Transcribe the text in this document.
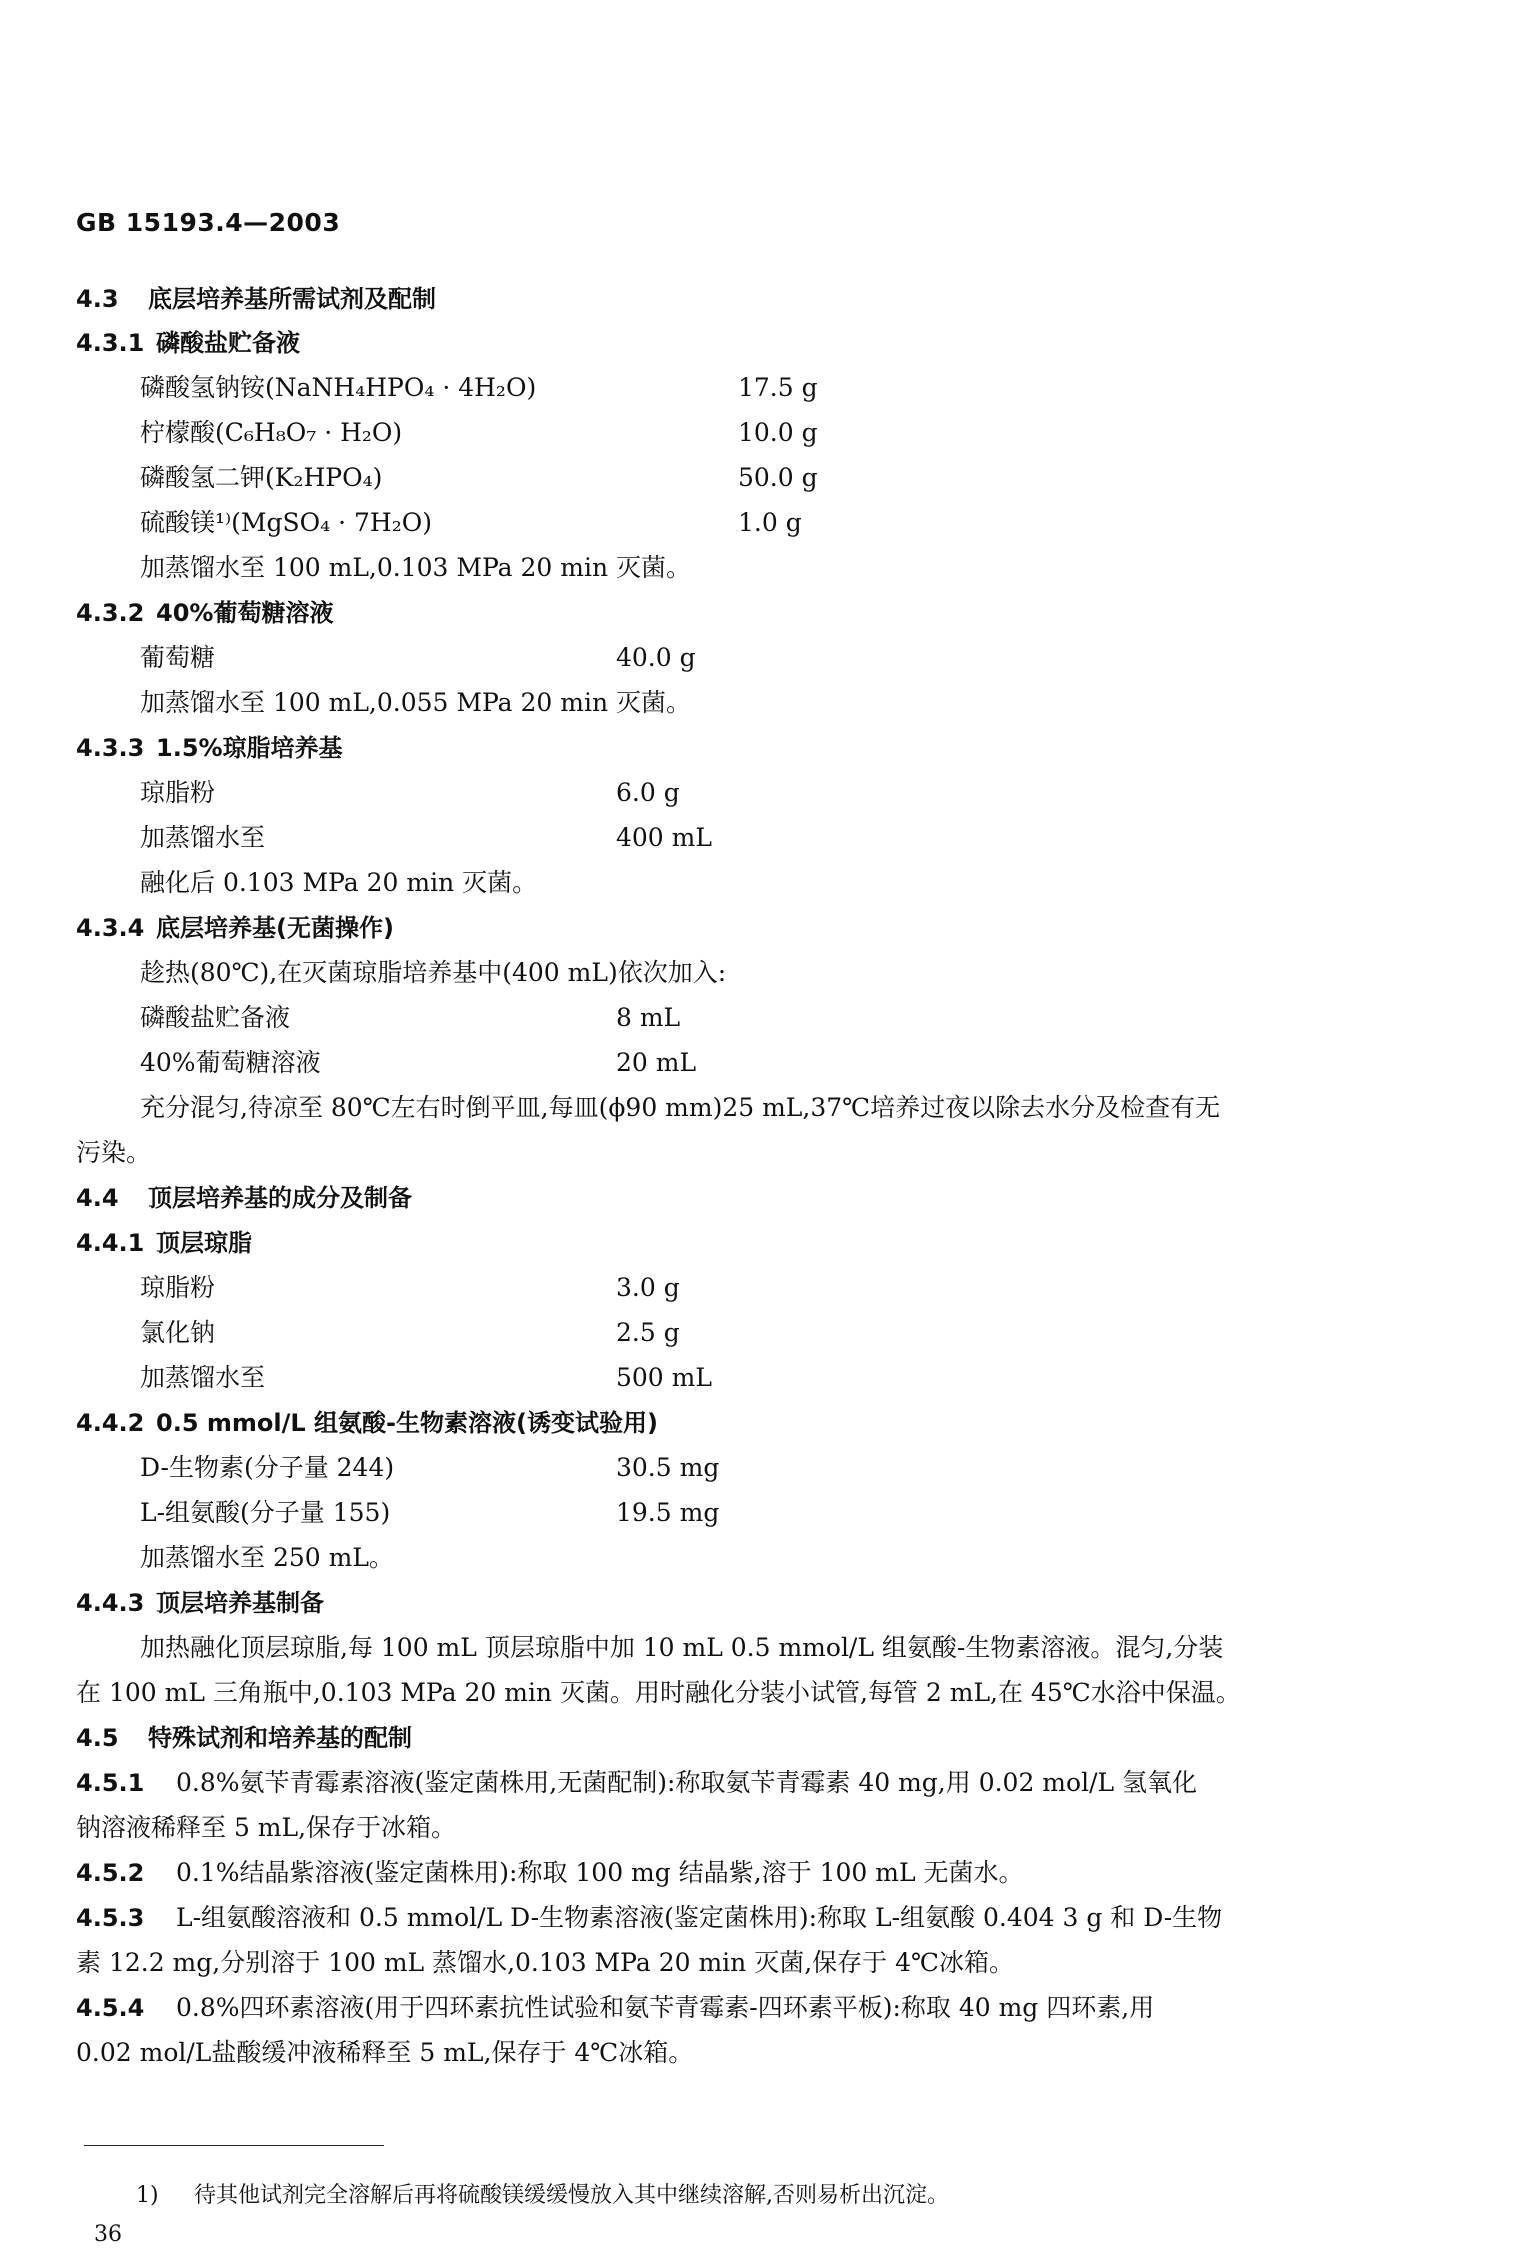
GB 15193.4—2003
4.3 底层培养基所需试剂及配制
4.3.1 磷酸盐贮备液
磷酸氢钠铵(NaNH₄HPO₄ · 4H₂O)	17.5 g
柠檬酸(C₆H₈O₇ · H₂O)	10.0 g
磷酸氢二钾(K₂HPO₄)	50.0 g
硫酸镁¹⁾(MgSO₄ · 7H₂O)	1.0 g
加蒸馏水至 100 mL,0.103 MPa 20 min 灭菌。
4.3.2 40%葡萄糖溶液
葡萄糖	40.0 g
加蒸馏水至 100 mL,0.055 MPa 20 min 灭菌。
4.3.3 1.5%琼脂培养基
琼脂粉	6.0 g
加蒸馏水至	400 mL
融化后 0.103 MPa 20 min 灭菌。
4.3.4 底层培养基(无菌操作)
趁热(80℃),在灭菌琼脂培养基中(400 mL)依次加入:
磷酸盐贮备液	8 mL
40%葡萄糖溶液	20 mL
充分混匀,待凉至 80℃左右时倒平皿,每皿(ϕ90 mm)25 mL,37℃培养过夜以除去水分及检查有无
污染。
4.4 顶层培养基的成分及制备
4.4.1 顶层琼脂
琼脂粉	3.0 g
氯化钠	2.5 g
加蒸馏水至	500 mL
4.4.2 0.5 mmol/L 组氨酸-生物素溶液(诱变试验用)
D-生物素(分子量 244)	30.5 mg
L-组氨酸(分子量 155)	19.5 mg
加蒸馏水至 250 mL。
4.4.3 顶层培养基制备
加热融化顶层琼脂,每 100 mL 顶层琼脂中加 10 mL 0.5 mmol/L 组氨酸-生物素溶液。混匀,分装
在 100 mL 三角瓶中,0.103 MPa 20 min 灭菌。用时融化分装小试管,每管 2 mL,在 45℃水浴中保温。
4.5 特殊试剂和培养基的配制
4.5.1 0.8%氨苄青霉素溶液(鉴定菌株用,无菌配制):称取氨苄青霉素 40 mg,用 0.02 mol/L 氢氧化
钠溶液稀释至 5 mL,保存于冰箱。
4.5.2 0.1%结晶紫溶液(鉴定菌株用):称取 100 mg 结晶紫,溶于 100 mL 无菌水。
4.5.3 L-组氨酸溶液和 0.5 mmol/L D-生物素溶液(鉴定菌株用):称取 L-组氨酸 0.404 3 g 和 D-生物
素 12.2 mg,分别溶于 100 mL 蒸馏水,0.103 MPa 20 min 灭菌,保存于 4℃冰箱。
4.5.4 0.8%四环素溶液(用于四环素抗性试验和氨苄青霉素-四环素平板):称取 40 mg 四环素,用
0.02 mol/L盐酸缓冲液稀释至 5 mL,保存于 4℃冰箱。
1) 待其他试剂完全溶解后再将硫酸镁缓缓慢放入其中继续溶解,否则易析出沉淀。
36
